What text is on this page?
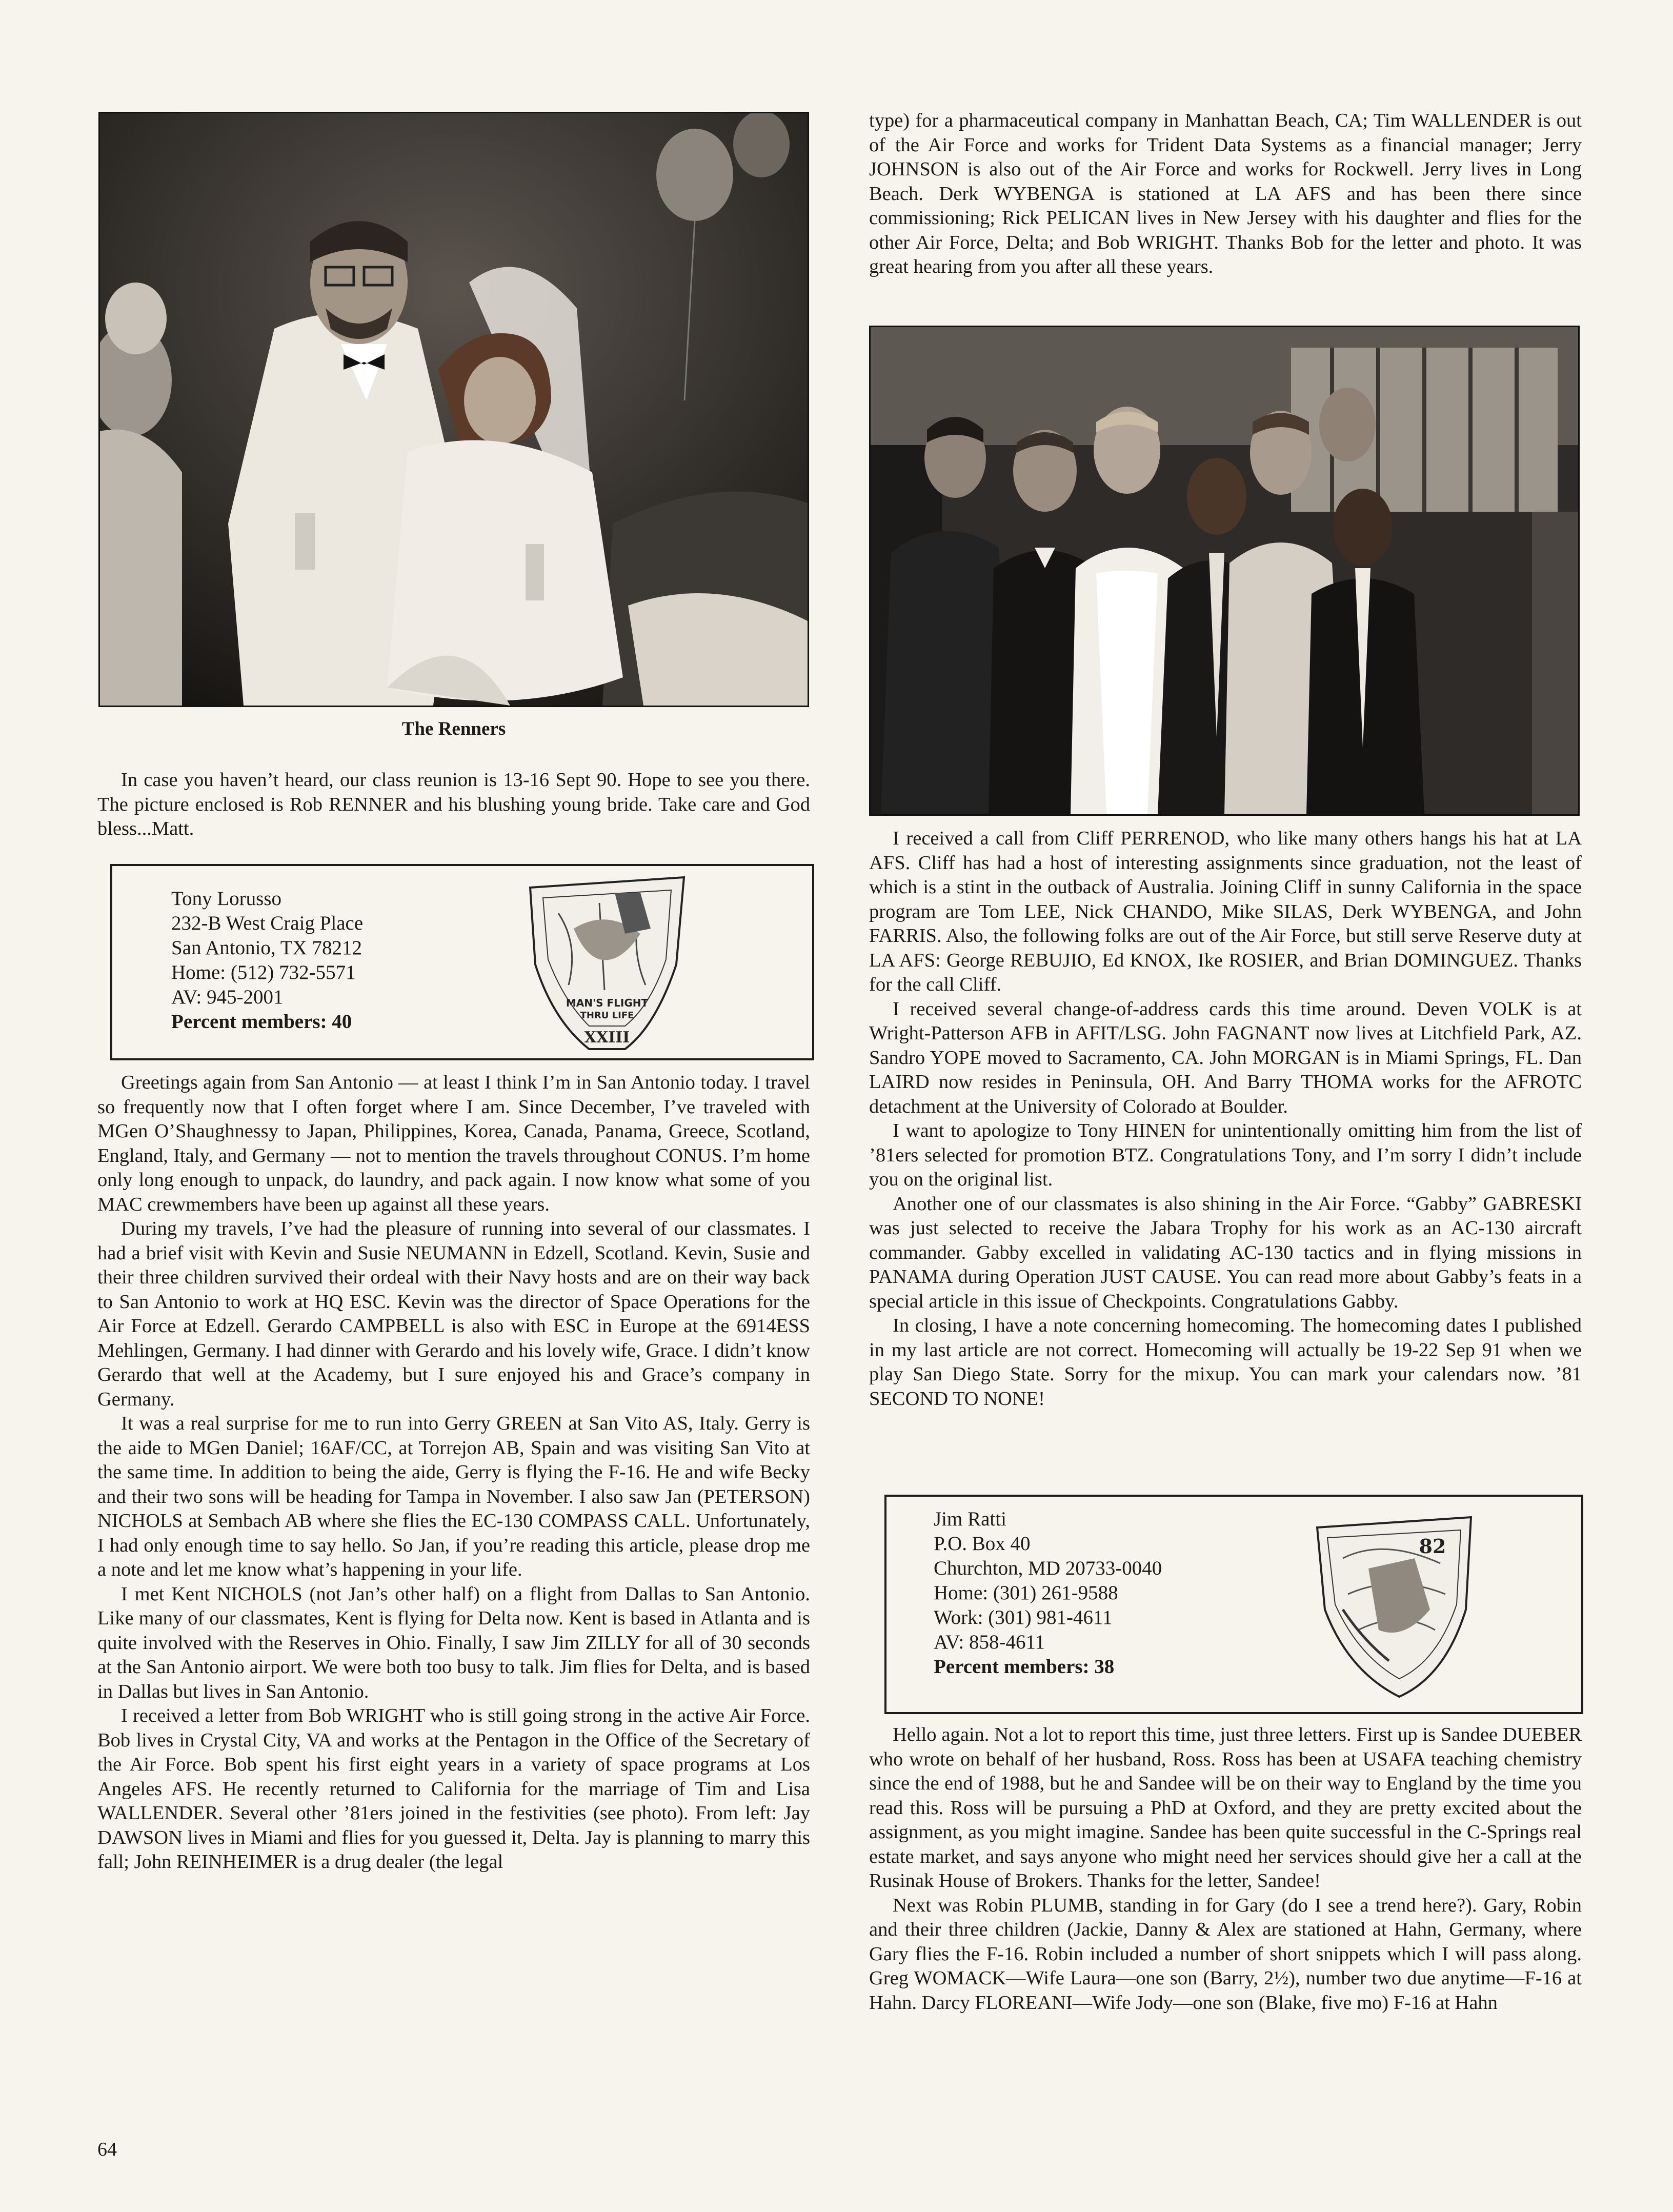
The Renners

In case you haven’t heard, our class reunion is 13-16 Sept 90. Hope to see you there. The picture enclosed is Rob RENNER and his blushing young bride. Take care and God bless...Matt.

Tony Lorusso
232-B West Craig Place
San Antonio, TX 78212
Home: (512) 732-5571
AV: 945-2001
Percent members: 40
MAN'S FLIGHT
THRU LIFE
XXIII

Greetings again from San Antonio — at least I think I’m in San Antonio today. I travel so frequently now that I often forget where I am. Since December, I’ve traveled with MGen O’Shaughnessy to Japan, Philippines, Korea, Canada, Panama, Greece, Scotland, England, Italy, and Germany — not to mention the travels throughout CONUS. I’m home only long enough to unpack, do laundry, and pack again. I now know what some of you MAC crewmembers have been up against all these years.

During my travels, I’ve had the pleasure of running into several of our classmates. I had a brief visit with Kevin and Susie NEUMANN in Edzell, Scotland. Kevin, Susie and their three children survived their ordeal with their Navy hosts and are on their way back to San Antonio to work at HQ ESC. Kevin was the director of Space Operations for the Air Force at Edzell. Gerardo CAMPBELL is also with ESC in Europe at the 6914ESS Mehlingen, Germany. I had dinner with Gerardo and his lovely wife, Grace. I didn’t know Gerardo that well at the Academy, but I sure enjoyed his and Grace’s company in Germany.

It was a real surprise for me to run into Gerry GREEN at San Vito AS, Italy. Gerry is the aide to MGen Daniel; 16AF/CC, at Torrejon AB, Spain and was visiting San Vito at the same time. In addition to being the aide, Gerry is flying the F-16. He and wife Becky and their two sons will be heading for Tampa in November. I also saw Jan (PETERSON) NICHOLS at Sembach AB where she flies the EC-130 COMPASS CALL. Unfortunately, I had only enough time to say hello. So Jan, if you’re reading this article, please drop me a note and let me know what’s happening in your life.

I met Kent NICHOLS (not Jan’s other half) on a flight from Dallas to San Antonio. Like many of our classmates, Kent is flying for Delta now. Kent is based in Atlanta and is quite involved with the Reserves in Ohio. Finally, I saw Jim ZILLY for all of 30 seconds at the San Antonio airport. We were both too busy to talk. Jim flies for Delta, and is based in Dallas but lives in San Antonio.

I received a letter from Bob WRIGHT who is still going strong in the active Air Force. Bob lives in Crystal City, VA and works at the Pentagon in the Office of the Secretary of the Air Force. Bob spent his first eight years in a variety of space programs at Los Angeles AFS. He recently returned to California for the marriage of Tim and Lisa WALLENDER. Several other ’81ers joined in the festivities (see photo). From left: Jay DAWSON lives in Miami and flies for you guessed it, Delta. Jay is planning to marry this fall; John REINHEIMER is a drug dealer (the legal

type) for a pharmaceutical company in Manhattan Beach, CA; Tim WALLENDER is out of the Air Force and works for Trident Data Systems as a financial manager; Jerry JOHNSON is also out of the Air Force and works for Rockwell. Jerry lives in Long Beach. Derk WYBENGA is stationed at LA AFS and has been there since commissioning; Rick PELICAN lives in New Jersey with his daughter and flies for the other Air Force, Delta; and Bob WRIGHT. Thanks Bob for the letter and photo. It was great hearing from you after all these years.

I received a call from Cliff PERRENOD, who like many others hangs his hat at LA AFS. Cliff has had a host of interesting assignments since graduation, not the least of which is a stint in the outback of Australia. Joining Cliff in sunny California in the space program are Tom LEE, Nick CHANDO, Mike SILAS, Derk WYBENGA, and John FARRIS. Also, the following folks are out of the Air Force, but still serve Reserve duty at LA AFS: George REBUJIO, Ed KNOX, Ike ROSIER, and Brian DOMINGUEZ. Thanks for the call Cliff.

I received several change-of-address cards this time around. Deven VOLK is at Wright-Patterson AFB in AFIT/LSG. John FAGNANT now lives at Litchfield Park, AZ. Sandro YOPE moved to Sacramento, CA. John MORGAN is in Miami Springs, FL. Dan LAIRD now resides in Peninsula, OH. And Barry THOMA works for the AFROTC detachment at the University of Colorado at Boulder.

I want to apologize to Tony HINEN for unintentionally omitting him from the list of ’81ers selected for promotion BTZ. Congratulations Tony, and I’m sorry I didn’t include you on the original list.

Another one of our classmates is also shining in the Air Force. “Gabby” GABRESKI was just selected to receive the Jabara Trophy for his work as an AC-130 aircraft commander. Gabby excelled in validating AC-130 tactics and in flying missions in PANAMA during Operation JUST CAUSE. You can read more about Gabby’s feats in a special article in this issue of Checkpoints. Congratulations Gabby.

In closing, I have a note concerning homecoming. The homecoming dates I published in my last article are not correct. Homecoming will actually be 19-22 Sep 91 when we play San Diego State. Sorry for the mixup. You can mark your calendars now. ’81 SECOND TO NONE!

Jim Ratti
P.O. Box 40
Churchton, MD 20733-0040
Home: (301) 261-9588
Work: (301) 981-4611
AV: 858-4611
Percent members: 38
82

Hello again. Not a lot to report this time, just three letters. First up is Sandee DUEBER who wrote on behalf of her husband, Ross. Ross has been at USAFA teaching chemistry since the end of 1988, but he and Sandee will be on their way to England by the time you read this. Ross will be pursuing a PhD at Oxford, and they are pretty excited about the assignment, as you might imagine. Sandee has been quite successful in the C-Springs real estate market, and says anyone who might need her services should give her a call at the Rusinak House of Brokers. Thanks for the letter, Sandee!

Next was Robin PLUMB, standing in for Gary (do I see a trend here?). Gary, Robin and their three children (Jackie, Danny & Alex are stationed at Hahn, Germany, where Gary flies the F-16. Robin included a number of short snippets which I will pass along. Greg WOMACK—Wife Laura—one son (Barry, 2½), number two due anytime—F-16 at Hahn. Darcy FLOREANI—Wife Jody—one son (Blake, five mo) F-16 at Hahn

64
